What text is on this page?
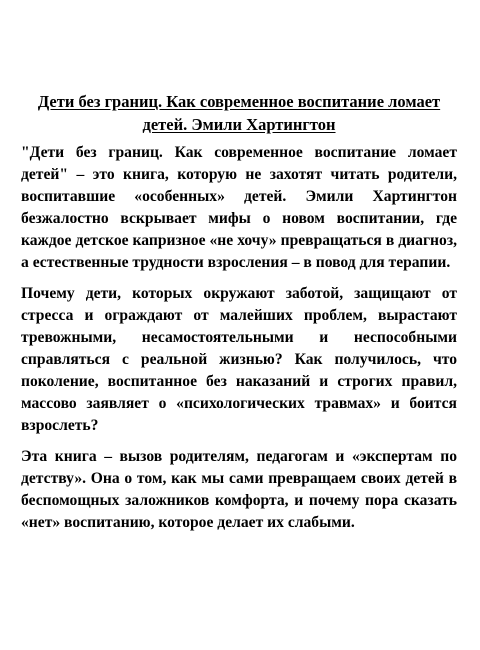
Дети без границ. Как современное воспитание ломает детей. Эмили Хартингтон

"Дети без границ. Как современное воспитание ломает детей" – это книга, которую не захотят читать родители, воспитавшие «особенных» детей. Эмили Хартингтон безжалостно вскрывает мифы о новом воспитании, где каждое детское капризное «не хочу» превращаться в диагноз, а естественные трудности взросления – в повод для терапии.

Почему дети, которых окружают заботой, защищают от стресса и ограждают от малейших проблем, вырастают тревожными, несамостоятельными и неспособными справляться с реальной жизнью? Как получилось, что поколение, воспитанное без наказаний и строгих правил, массово заявляет о «психологических травмах» и боится взрослеть?

Эта книга – вызов родителям, педагогам и «экспертам по детству». Она о том, как мы сами превращаем своих детей в беспомощных заложников комфорта, и почему пора сказать «нет» воспитанию, которое делает их слабыми.
